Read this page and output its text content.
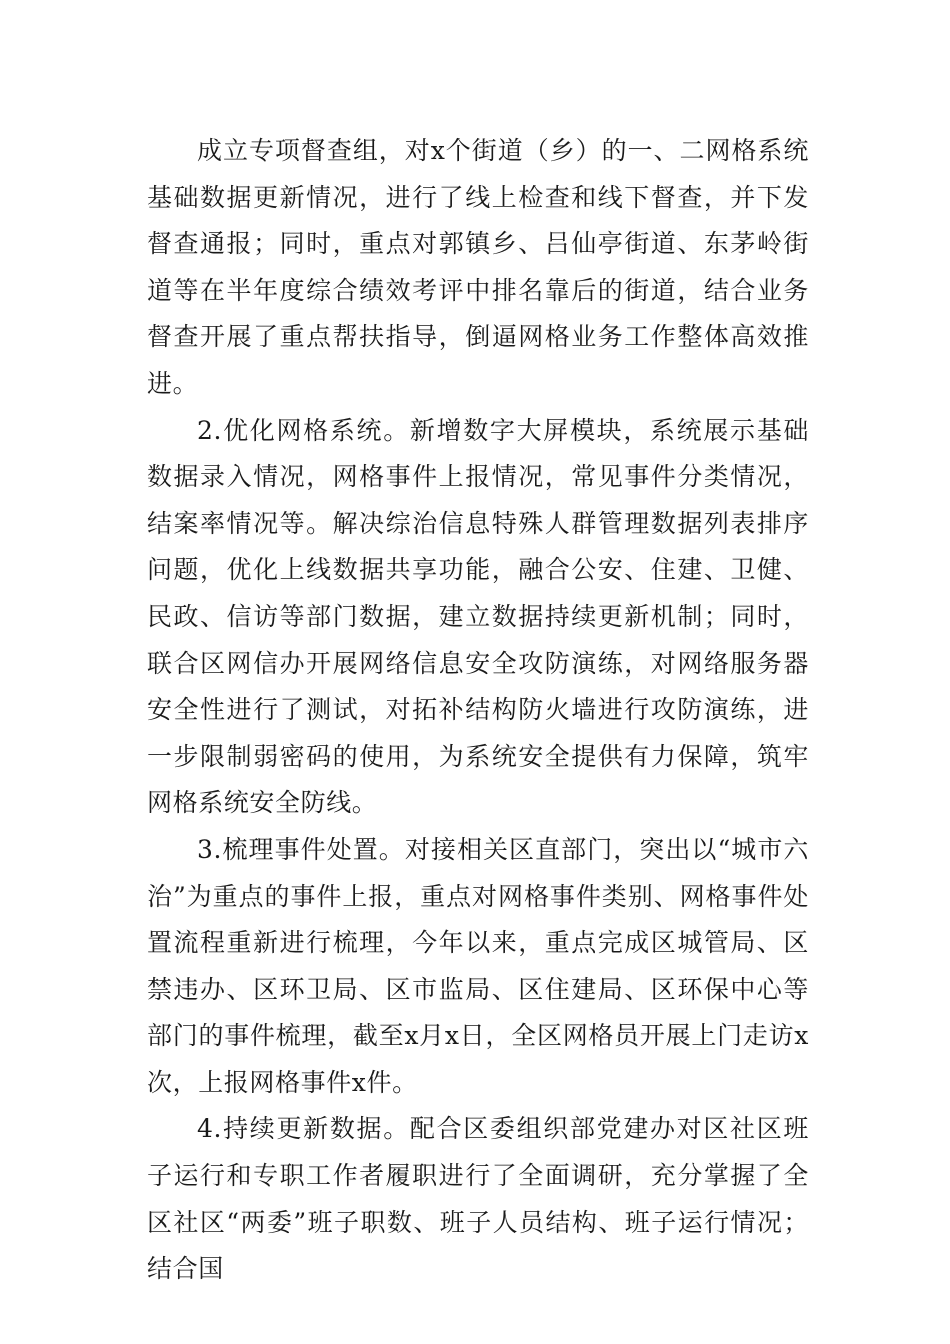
成立专项督查组，对x个街道（乡）的一、二网格系统基础数据更新情况，进行了线上检查和线下督查，并下发督查通报；同时，重点对郭镇乡、吕仙亭街道、东茅岭街道等在半年度综合绩效考评中排名靠后的街道，结合业务督查开展了重点帮扶指导，倒逼网格业务工作整体高效推进。

2.优化网格系统。新增数字大屏模块，系统展示基础数据录入情况，网格事件上报情况，常见事件分类情况，结案率情况等。解决综治信息特殊人群管理数据列表排序问题，优化上线数据共享功能，融合公安、住建、卫健、民政、信访等部门数据，建立数据持续更新机制；同时，联合区网信办开展网络信息安全攻防演练，对网络服务器安全性进行了测试，对拓补结构防火墙进行攻防演练，进一步限制弱密码的使用，为系统安全提供有力保障，筑牢网格系统安全防线。

3.梳理事件处置。对接相关区直部门，突出以“城市六治”为重点的事件上报，重点对网格事件类别、网格事件处置流程重新进行梳理，今年以来，重点完成区城管局、区禁违办、区环卫局、区市监局、区住建局、区环保中心等部门的事件梳理，截至x月x日，全区网格员开展上门走访x次，上报网格事件x件。

4.持续更新数据。配合区委组织部党建办对区社区班子运行和专职工作者履职进行了全面调研，充分掌握了全区社区“两委”班子职数、班子人员结构、班子运行情况；结合国
